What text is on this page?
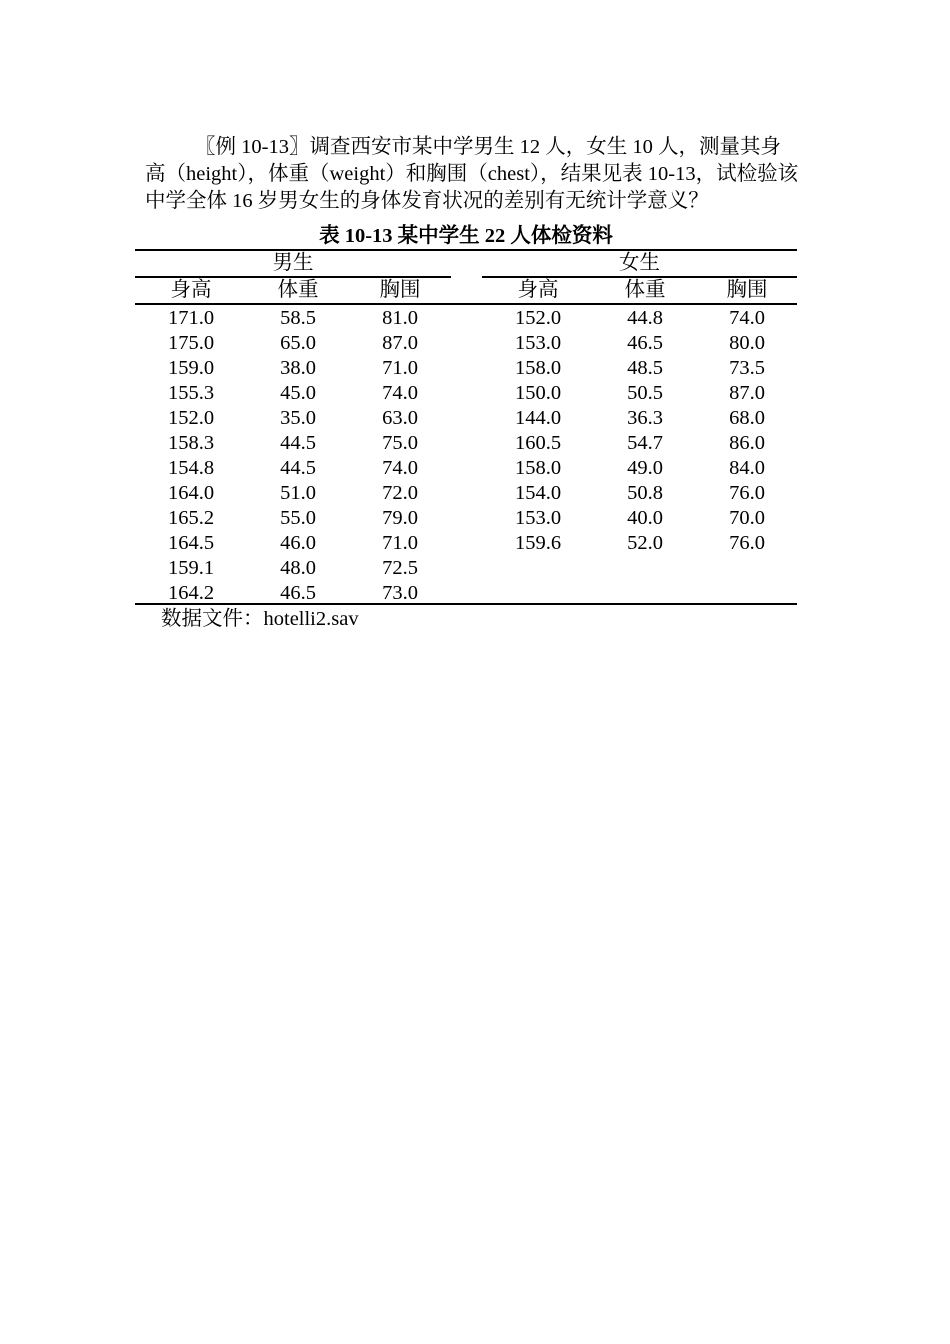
〖例 10-13〗调查西安市某中学男生 12 人，女生 10 人，测量其身
高（height），体重（weight）和胸围（chest），结果见表 10-13，试检验该
中学全体 16 岁男女生的身体发育状况的差别有无统计学意义？
表 10-13 某中学生 22 人体检资料
男生	女生
身高	体重	胸围	身高	体重	胸围
171.0	58.5	81.0	152.0	44.8	74.0
175.0	65.0	87.0	153.0	46.5	80.0
159.0	38.0	71.0	158.0	48.5	73.5
155.3	45.0	74.0	150.0	50.5	87.0
152.0	35.0	63.0	144.0	36.3	68.0
158.3	44.5	75.0	160.5	54.7	86.0
154.8	44.5	74.0	158.0	49.0	84.0
164.0	51.0	72.0	154.0	50.8	76.0
165.2	55.0	79.0	153.0	40.0	70.0
164.5	46.0	71.0	159.6	52.0	76.0
159.1	48.0	72.5
164.2	46.5	73.0
数据文件：hotelli2.sav
